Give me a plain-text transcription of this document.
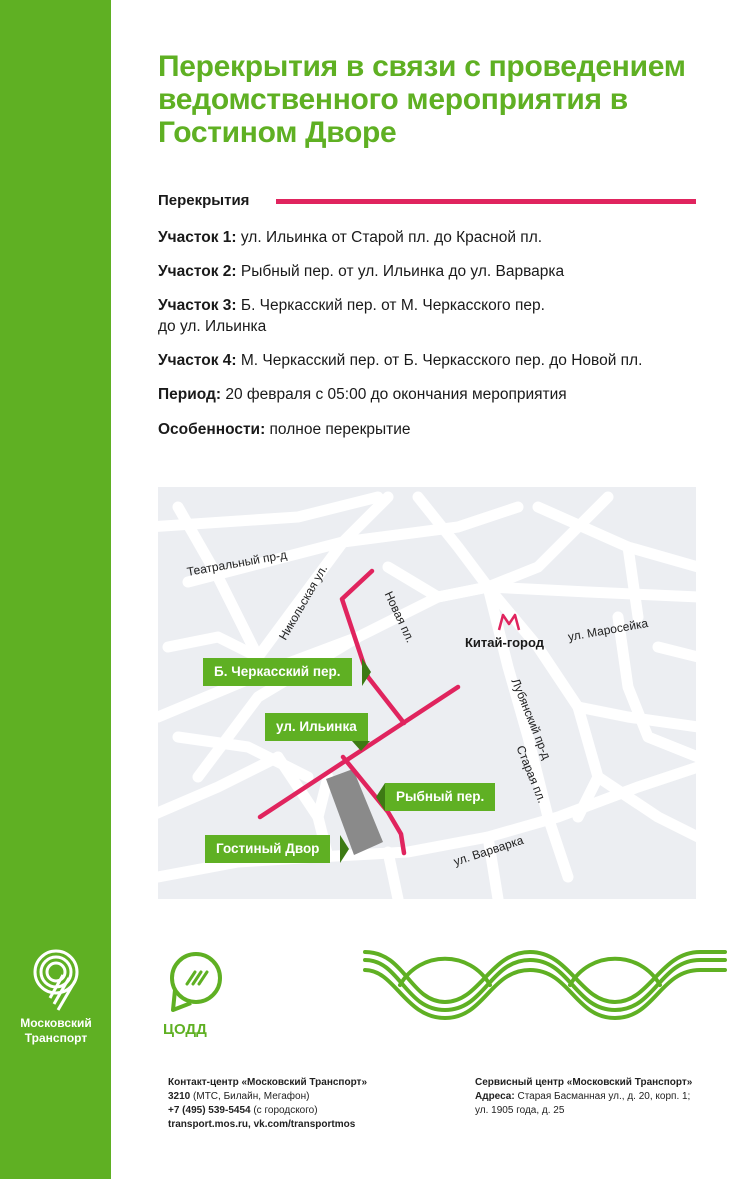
Московский Транспорт
Перекрытия в связи с проведением ведомственного мероприятия в Гостином Дворе
Перекрытия
Участок 1: ул. Ильинка от Старой пл. до Красной пл.
Участок 2: Рыбный пер. от ул. Ильинка до ул. Варварка
Участок 3: Б. Черкасский пер. от М. Черкасского пер.
до ул. Ильинка
Участок 4: М. Черкасский пер. от Б. Черкасского пер. до Новой пл.
Период: 20 февраля с 05:00 до окончания мероприятия
Особенности: полное перекрытие
Китай-город
Театральный пр-д
Никольская ул.	Новая пл.	ул. Маросейка
Лубянский пр-д
Старая пл.
ул. Варварка
Б. Черкасский пер.
ул. Ильинка
Рыбный пер.
Гостиный Двор
ЦОДД
Контакт-центр «Московский Транспорт»
3210 (МТС, Билайн, Мегафон)
+7 (495) 539-5454 (с городского)
transport.mos.ru, vk.com/transportmos
Сервисный центр «Московский Транспорт»
Адреса: Старая Басманная ул., д. 20, корп. 1;
ул. 1905 года, д. 25
